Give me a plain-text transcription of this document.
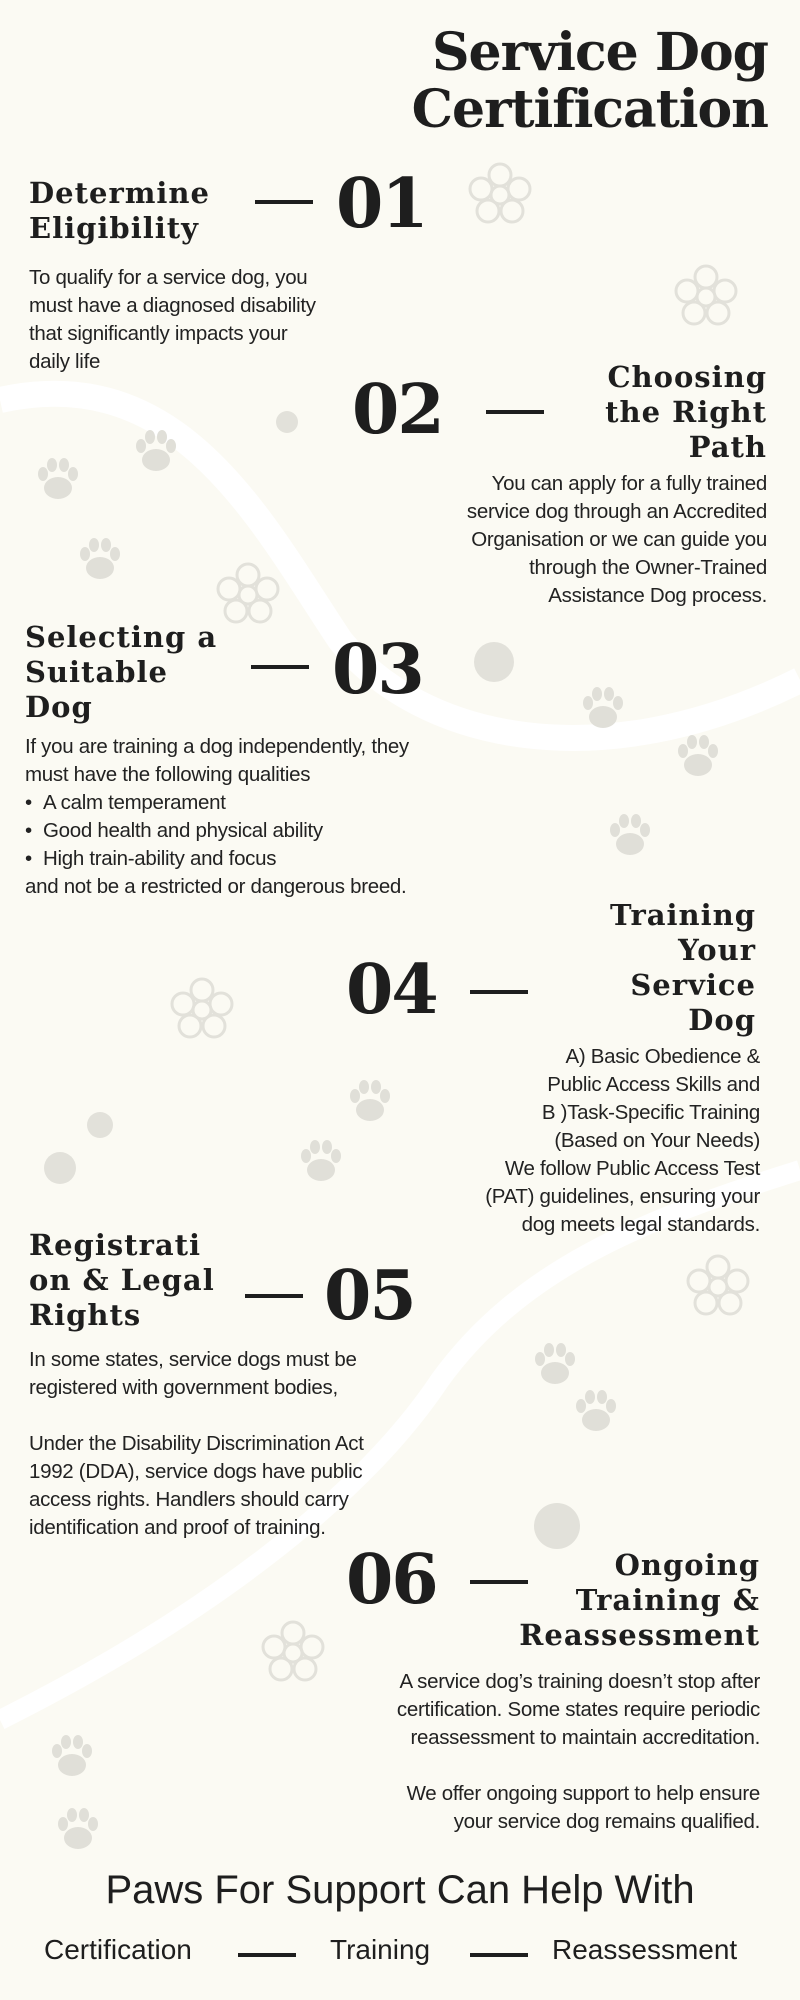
Service Dog
Certification
Determine
Eligibility	01

To qualify for a service dog, you

must have a diagnosed disability

that significantly impacts your

daily life

02	Choosing
the Right
Path

You can apply for a fully trained

service dog through an Accredited

Organisation or we can guide you

through the Owner-Trained

Assistance Dog process.

Selecting a
Suitable
Dog	03

If you are training a dog independently, they

must have the following qualities

• A calm temperament
• Good health and physical ability
• High train-ability and focus

and not be a restricted or dangerous breed.

04
Training
Your
Service
Dog

A) Basic Obedience &

Public Access Skills and

B )Task-Specific Training

(Based on Your Needs)

We follow Public Access Test

(PAT) guidelines, ensuring your

dog meets legal standards.

Registrati
on & Legal
Rights	05

In some states, service dogs must be

registered with government bodies,

Under the Disability Discrimination Act

1992 (DDA), service dogs have public

access rights. Handlers should carry

identification and proof of training.

06	Ongoing
Training &
Reassessment

A service dog’s training doesn’t stop after

certification. Some states require periodic

reassessment to maintain accreditation.

We offer ongoing support to help ensure

your service dog remains qualified.

Paws For Support Can Help With
Certification	Training	Reassessment
